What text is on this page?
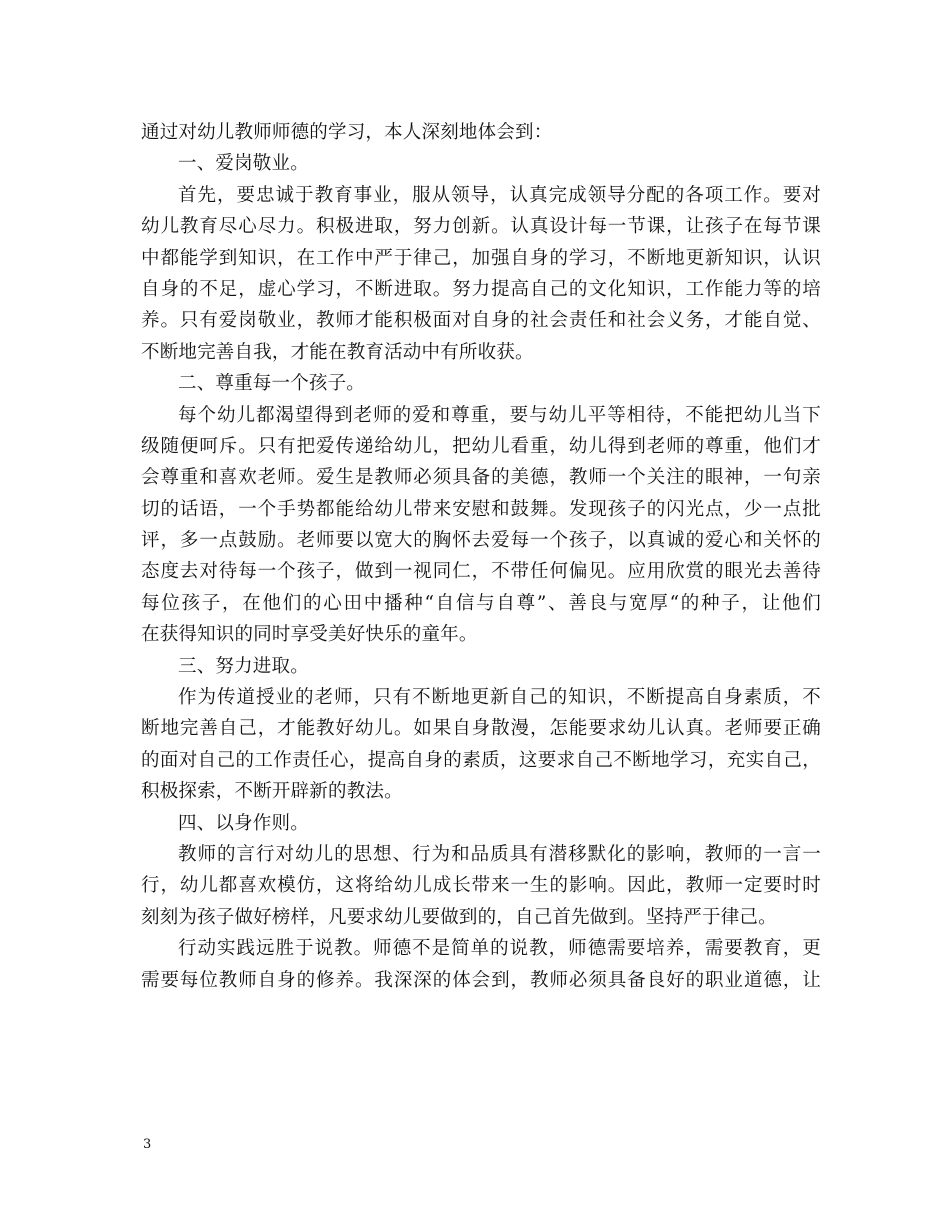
通过对幼儿教师师德的学习，本人深刻地体会到：
一、爱岗敬业。
首先，要忠诚于教育事业，服从领导，认真完成领导分配的各项工作。要对
幼儿教育尽心尽力。积极进取，努力创新。认真设计每一节课，让孩子在每节课
中都能学到知识，在工作中严于律己，加强自身的学习，不断地更新知识，认识
自身的不足，虚心学习，不断进取。努力提高自己的文化知识，工作能力等的培
养。只有爱岗敬业，教师才能积极面对自身的社会责任和社会义务，才能自觉、
不断地完善自我，才能在教育活动中有所收获。
二、尊重每一个孩子。
每个幼儿都渴望得到老师的爱和尊重，要与幼儿平等相待，不能把幼儿当下
级随便呵斥。只有把爱传递给幼儿，把幼儿看重，幼儿得到老师的尊重，他们才
会尊重和喜欢老师。爱生是教师必须具备的美德，教师一个关注的眼神，一句亲
切的话语，一个手势都能给幼儿带来安慰和鼓舞。发现孩子的闪光点，少一点批
评，多一点鼓励。老师要以宽大的胸怀去爱每一个孩子，以真诚的爱心和关怀的
态度去对待每一个孩子，做到一视同仁，不带任何偏见。应用欣赏的眼光去善待
每位孩子，在他们的心田中播种“自信与自尊”、善良与宽厚“的种子，让他们
在获得知识的同时享受美好快乐的童年。
三、努力进取。
作为传道授业的老师，只有不断地更新自己的知识，不断提高自身素质，不
断地完善自己，才能教好幼儿。如果自身散漫，怎能要求幼儿认真。老师要正确
的面对自己的工作责任心，提高自身的素质，这要求自己不断地学习，充实自己，
积极探索，不断开辟新的教法。
四、以身作则。
教师的言行对幼儿的思想、行为和品质具有潜移默化的影响，教师的一言一
行，幼儿都喜欢模仿，这将给幼儿成长带来一生的影响。因此，教师一定要时时
刻刻为孩子做好榜样，凡要求幼儿要做到的，自己首先做到。坚持严于律己。
行动实践远胜于说教。师德不是简单的说教，师德需要培养，需要教育，更
需要每位教师自身的修养。我深深的体会到，教师必须具备良好的职业道德，让
3
